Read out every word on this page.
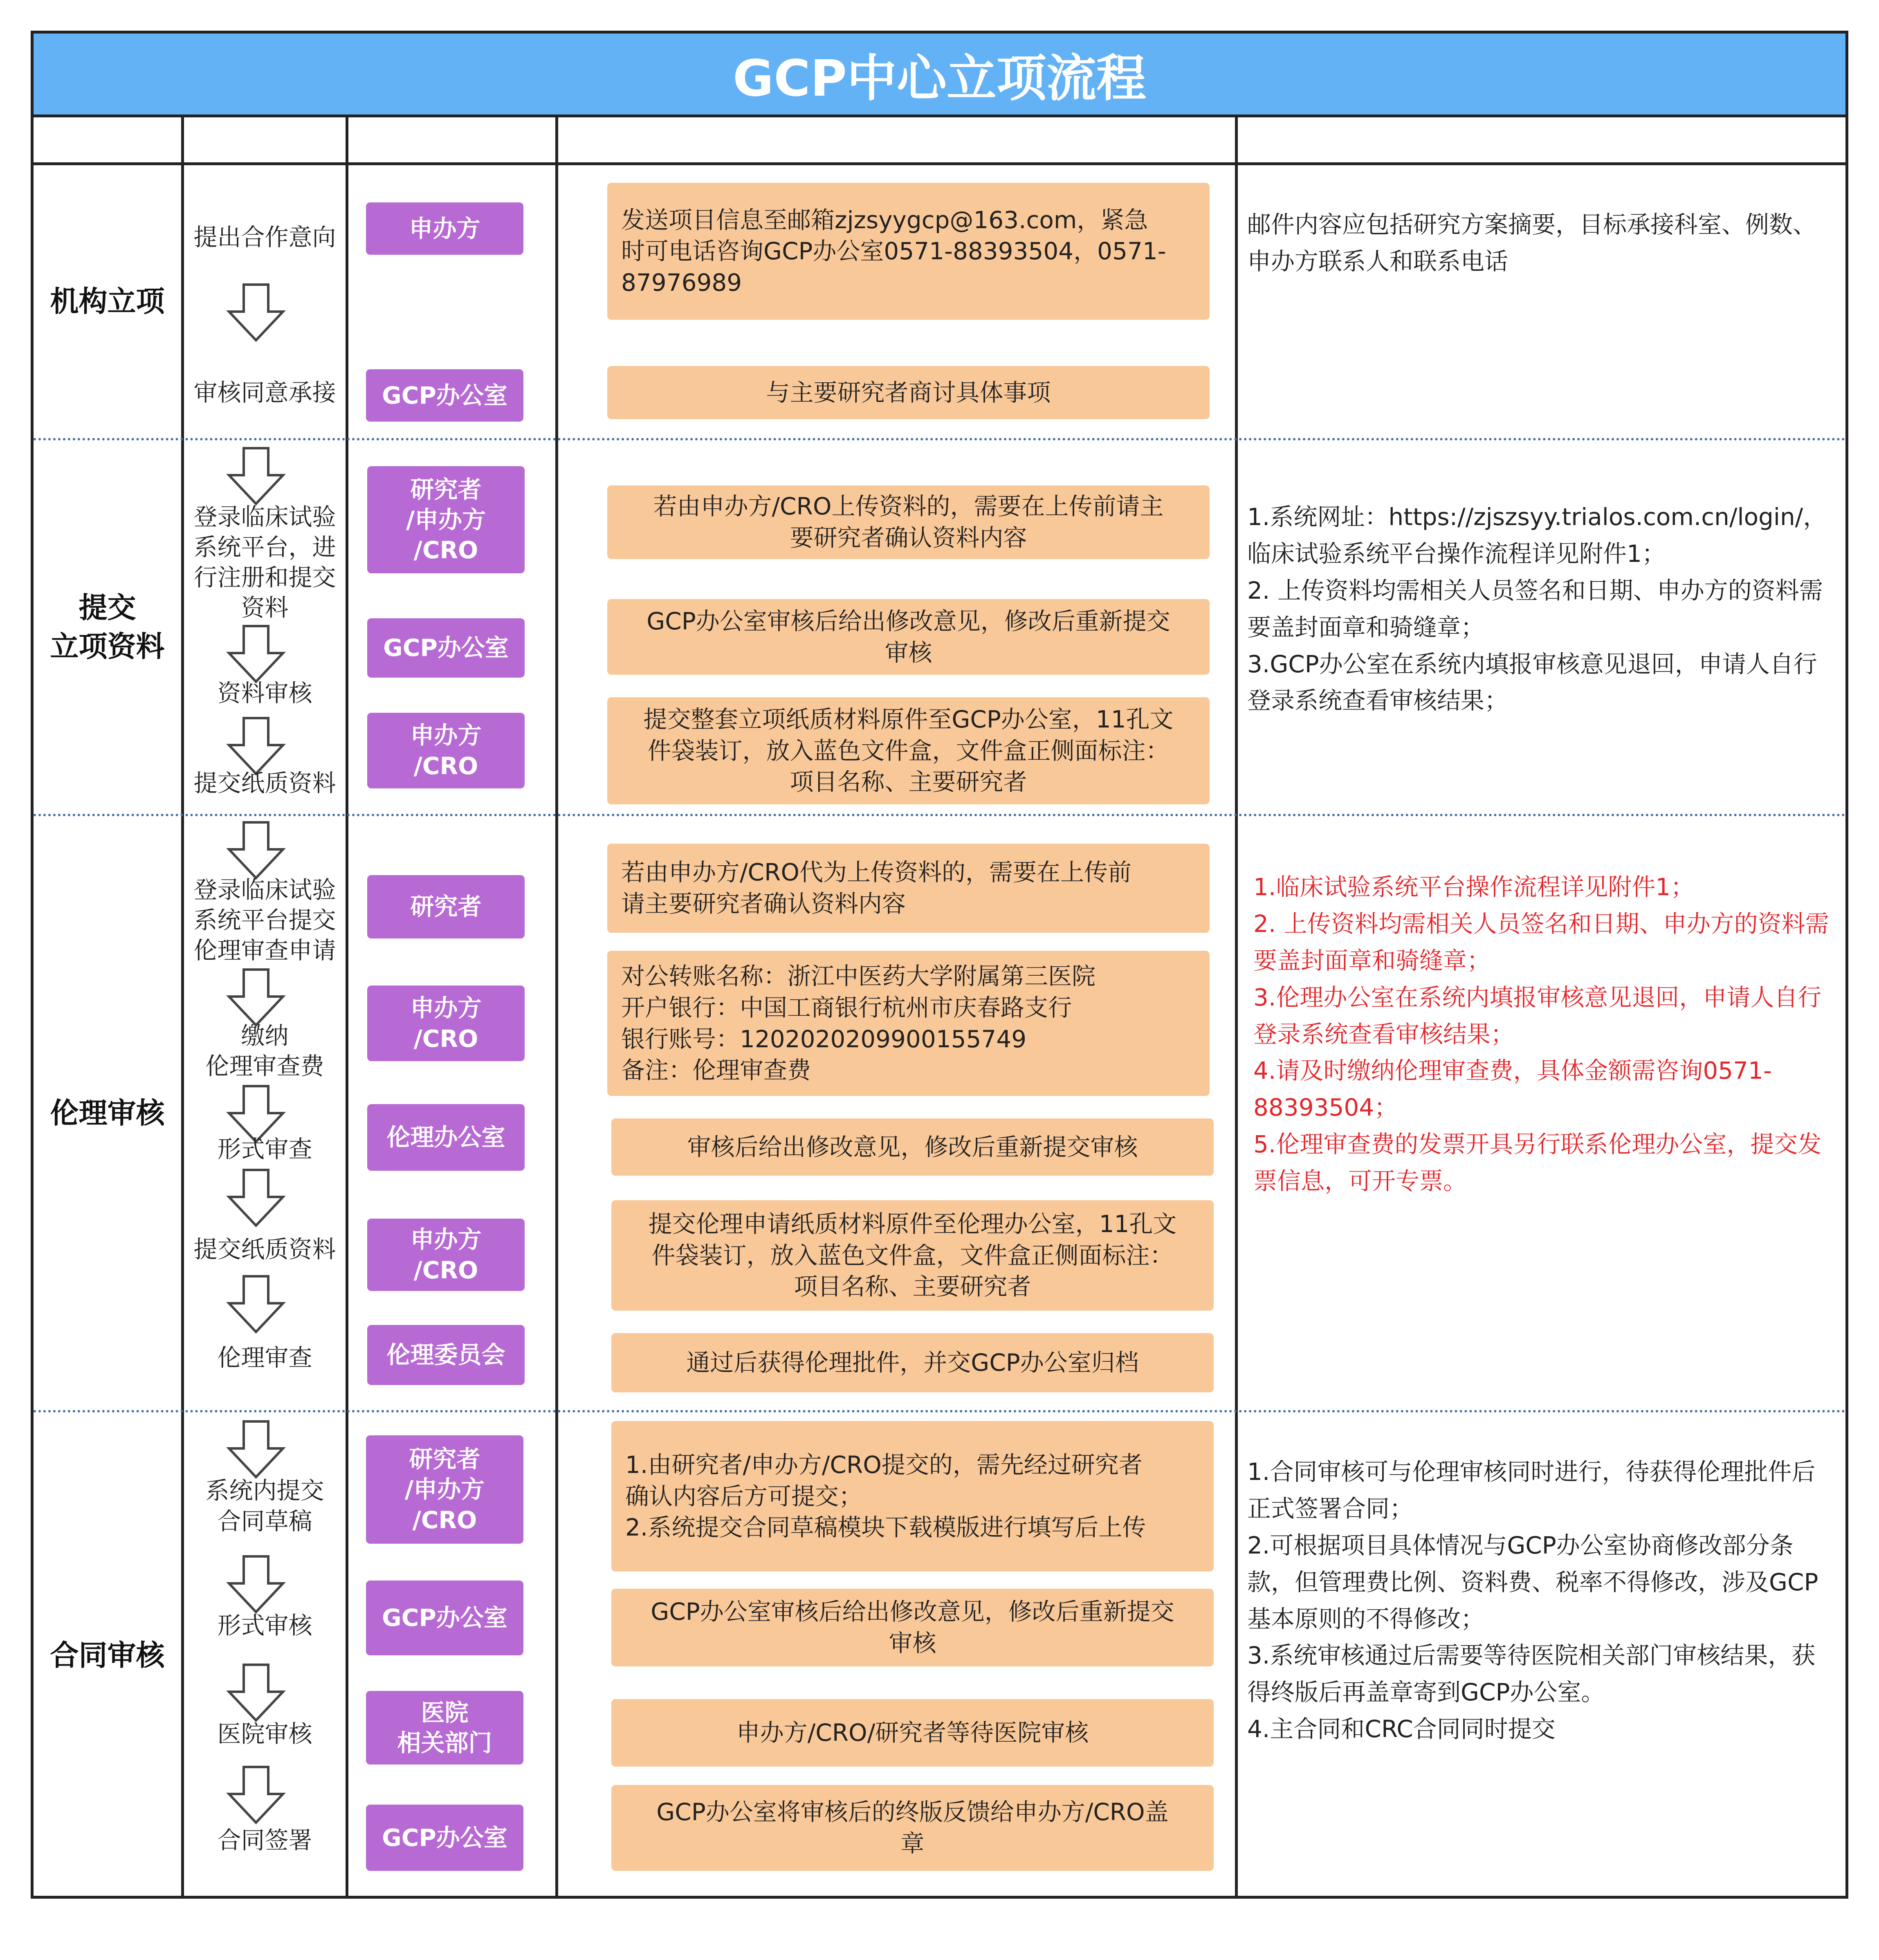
GCP中心立项流程
机构立项
提交
立项资料
伦理审核
合同审核
提出合作意向
审核同意承接
申办方
GCP办公室
发送项目信息至邮箱zjzsyygcp@163.com，紧急
时可电话咨询GCP办公室0571-88393504，0571-
87976989
与主要研究者商讨具体事项
邮件内容应包括研究方案摘要，目标承接科室、例数、
申办方联系人和联系电话
登录临床试验
系统平台，进
行注册和提交
资料
资料审核
提交纸质资料
研究者
/申办方
/CRO
GCP办公室
申办方
/CRO
若由申办方/CRO上传资料的，需要在上传前请主
要研究者确认资料内容
GCP办公室审核后给出修改意见，修改后重新提交
审核
提交整套立项纸质材料原件至GCP办公室，11孔文
件袋装订，放入蓝色文件盒，文件盒正侧面标注：
项目名称、主要研究者
1.系统网址：https://zjszsyy.trialos.com.cn/login/，
临床试验系统平台操作流程详见附件1；
2. 上传资料均需相关人员签名和日期、申办方的资料需
要盖封面章和骑缝章；
3.GCP办公室在系统内填报审核意见退回，申请人自行
登录系统查看审核结果；
登录临床试验
系统平台提交
伦理审查申请
缴纳
伦理审查费
形式审查
提交纸质资料
伦理审查
研究者
申办方
/CRO
伦理办公室
申办方
/CRO
伦理委员会
若由申办方/CRO代为上传资料的，需要在上传前
请主要研究者确认资料内容
对公转账名称：浙江中医药大学附属第三医院
开户银行：中国工商银行杭州市庆春路支行
银行账号：1202020209900155749
备注：伦理审查费
审核后给出修改意见，修改后重新提交审核
提交伦理申请纸质材料原件至伦理办公室，11孔文
件袋装订，放入蓝色文件盒，文件盒正侧面标注：
项目名称、主要研究者
通过后获得伦理批件，并交GCP办公室归档
1.临床试验系统平台操作流程详见附件1；
2. 上传资料均需相关人员签名和日期、申办方的资料需
要盖封面章和骑缝章；
3.伦理办公室在系统内填报审核意见退回，申请人自行
登录系统查看审核结果；
4.请及时缴纳伦理审查费，具体金额需咨询0571-
88393504；
5.伦理审查费的发票开具另行联系伦理办公室，提交发
票信息，可开专票。
系统内提交
合同草稿
形式审核
医院审核
合同签署
研究者
/申办方
/CRO
GCP办公室
医院
相关部门
GCP办公室
1.由研究者/申办方/CRO提交的，需先经过研究者
确认内容后方可提交；
2.系统提交合同草稿模块下载模版进行填写后上传
GCP办公室审核后给出修改意见，修改后重新提交
审核
申办方/CRO/研究者等待医院审核
GCP办公室将审核后的终版反馈给申办方/CRO盖
章
1.合同审核可与伦理审核同时进行，待获得伦理批件后
正式签署合同；
2.可根据项目具体情况与GCP办公室协商修改部分条
款，但管理费比例、资料费、税率不得修改，涉及GCP
基本原则的不得修改；
3.系统审核通过后需要等待医院相关部门审核结果，获
得终版后再盖章寄到GCP办公室。
4.主合同和CRC合同同时提交
